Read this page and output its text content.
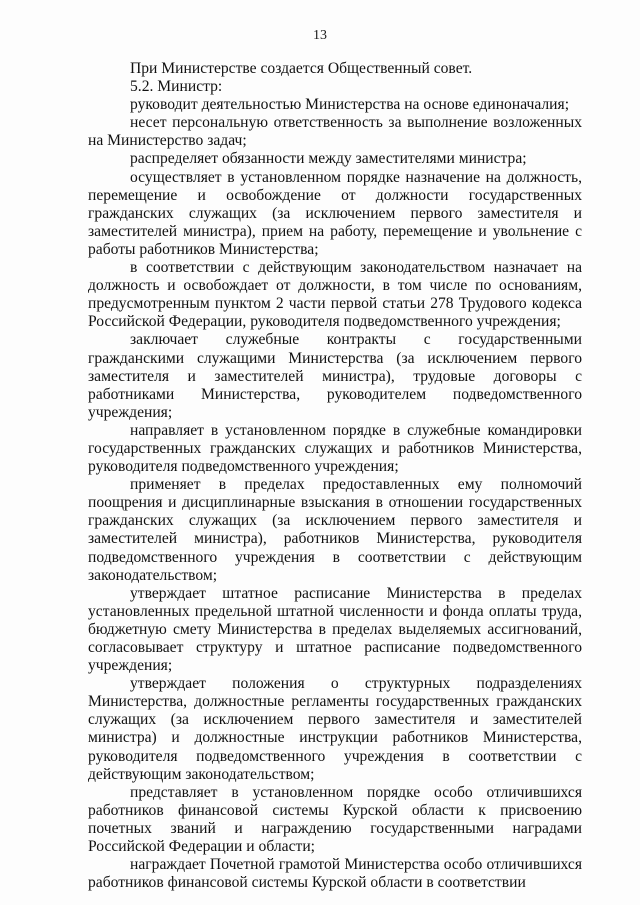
13

При Министерстве создается Общественный совет.

5.2. Министр:

руководит деятельностью Министерства на основе единоначалия;

несет персональную ответственность за выполнение возложенных на Министерство задач;

распределяет обязанности между заместителями министра;

осуществляет в установленном порядке назначение на должность, перемещение и освобождение от должности государственных гражданских служащих (за исключением первого заместителя и заместителей министра), прием на работу, перемещение и увольнение с работы работников Министерства;

в соответствии с действующим законодательством назначает на должность и освобождает от должности, в том числе по основаниям, предусмотренным пунктом 2 части первой статьи 278 Трудового кодекса Российской Федерации, руководителя подведомственного учреждения;

заключает служебные контракты с государственными гражданскими служащими Министерства (за исключением первого заместителя и заместителей министра), трудовые договоры с работниками Министерства, руководителем подведомственного учреждения;

направляет в установленном порядке в служебные командировки государственных гражданских служащих и работников Министерства, руководителя подведомственного учреждения;

применяет в пределах предоставленных ему полномочий поощрения и дисциплинарные взыскания в отношении государственных гражданских служащих (за исключением первого заместителя и заместителей министра), работников Министерства, руководителя подведомственного учреждения в соответствии с действующим законодательством;

утверждает штатное расписание Министерства в пределах установленных предельной штатной численности и фонда оплаты труда, бюджетную смету Министерства в пределах выделяемых ассигнований, согласовывает структуру и штатное расписание подведомственного учреждения;

утверждает положения о структурных подразделениях Министерства, должностные регламенты государственных гражданских служащих (за исключением первого заместителя и заместителей министра) и должностные инструкции работников Министерства, руководителя подведомственного учреждения в соответствии с действующим законодательством;

представляет в установленном порядке особо отличившихся работников финансовой системы Курской области к присвоению почетных званий и награждению государственными наградами Российской Федерации и области;

награждает Почетной грамотой Министерства особо отличившихся работников финансовой системы Курской области в соответствии
